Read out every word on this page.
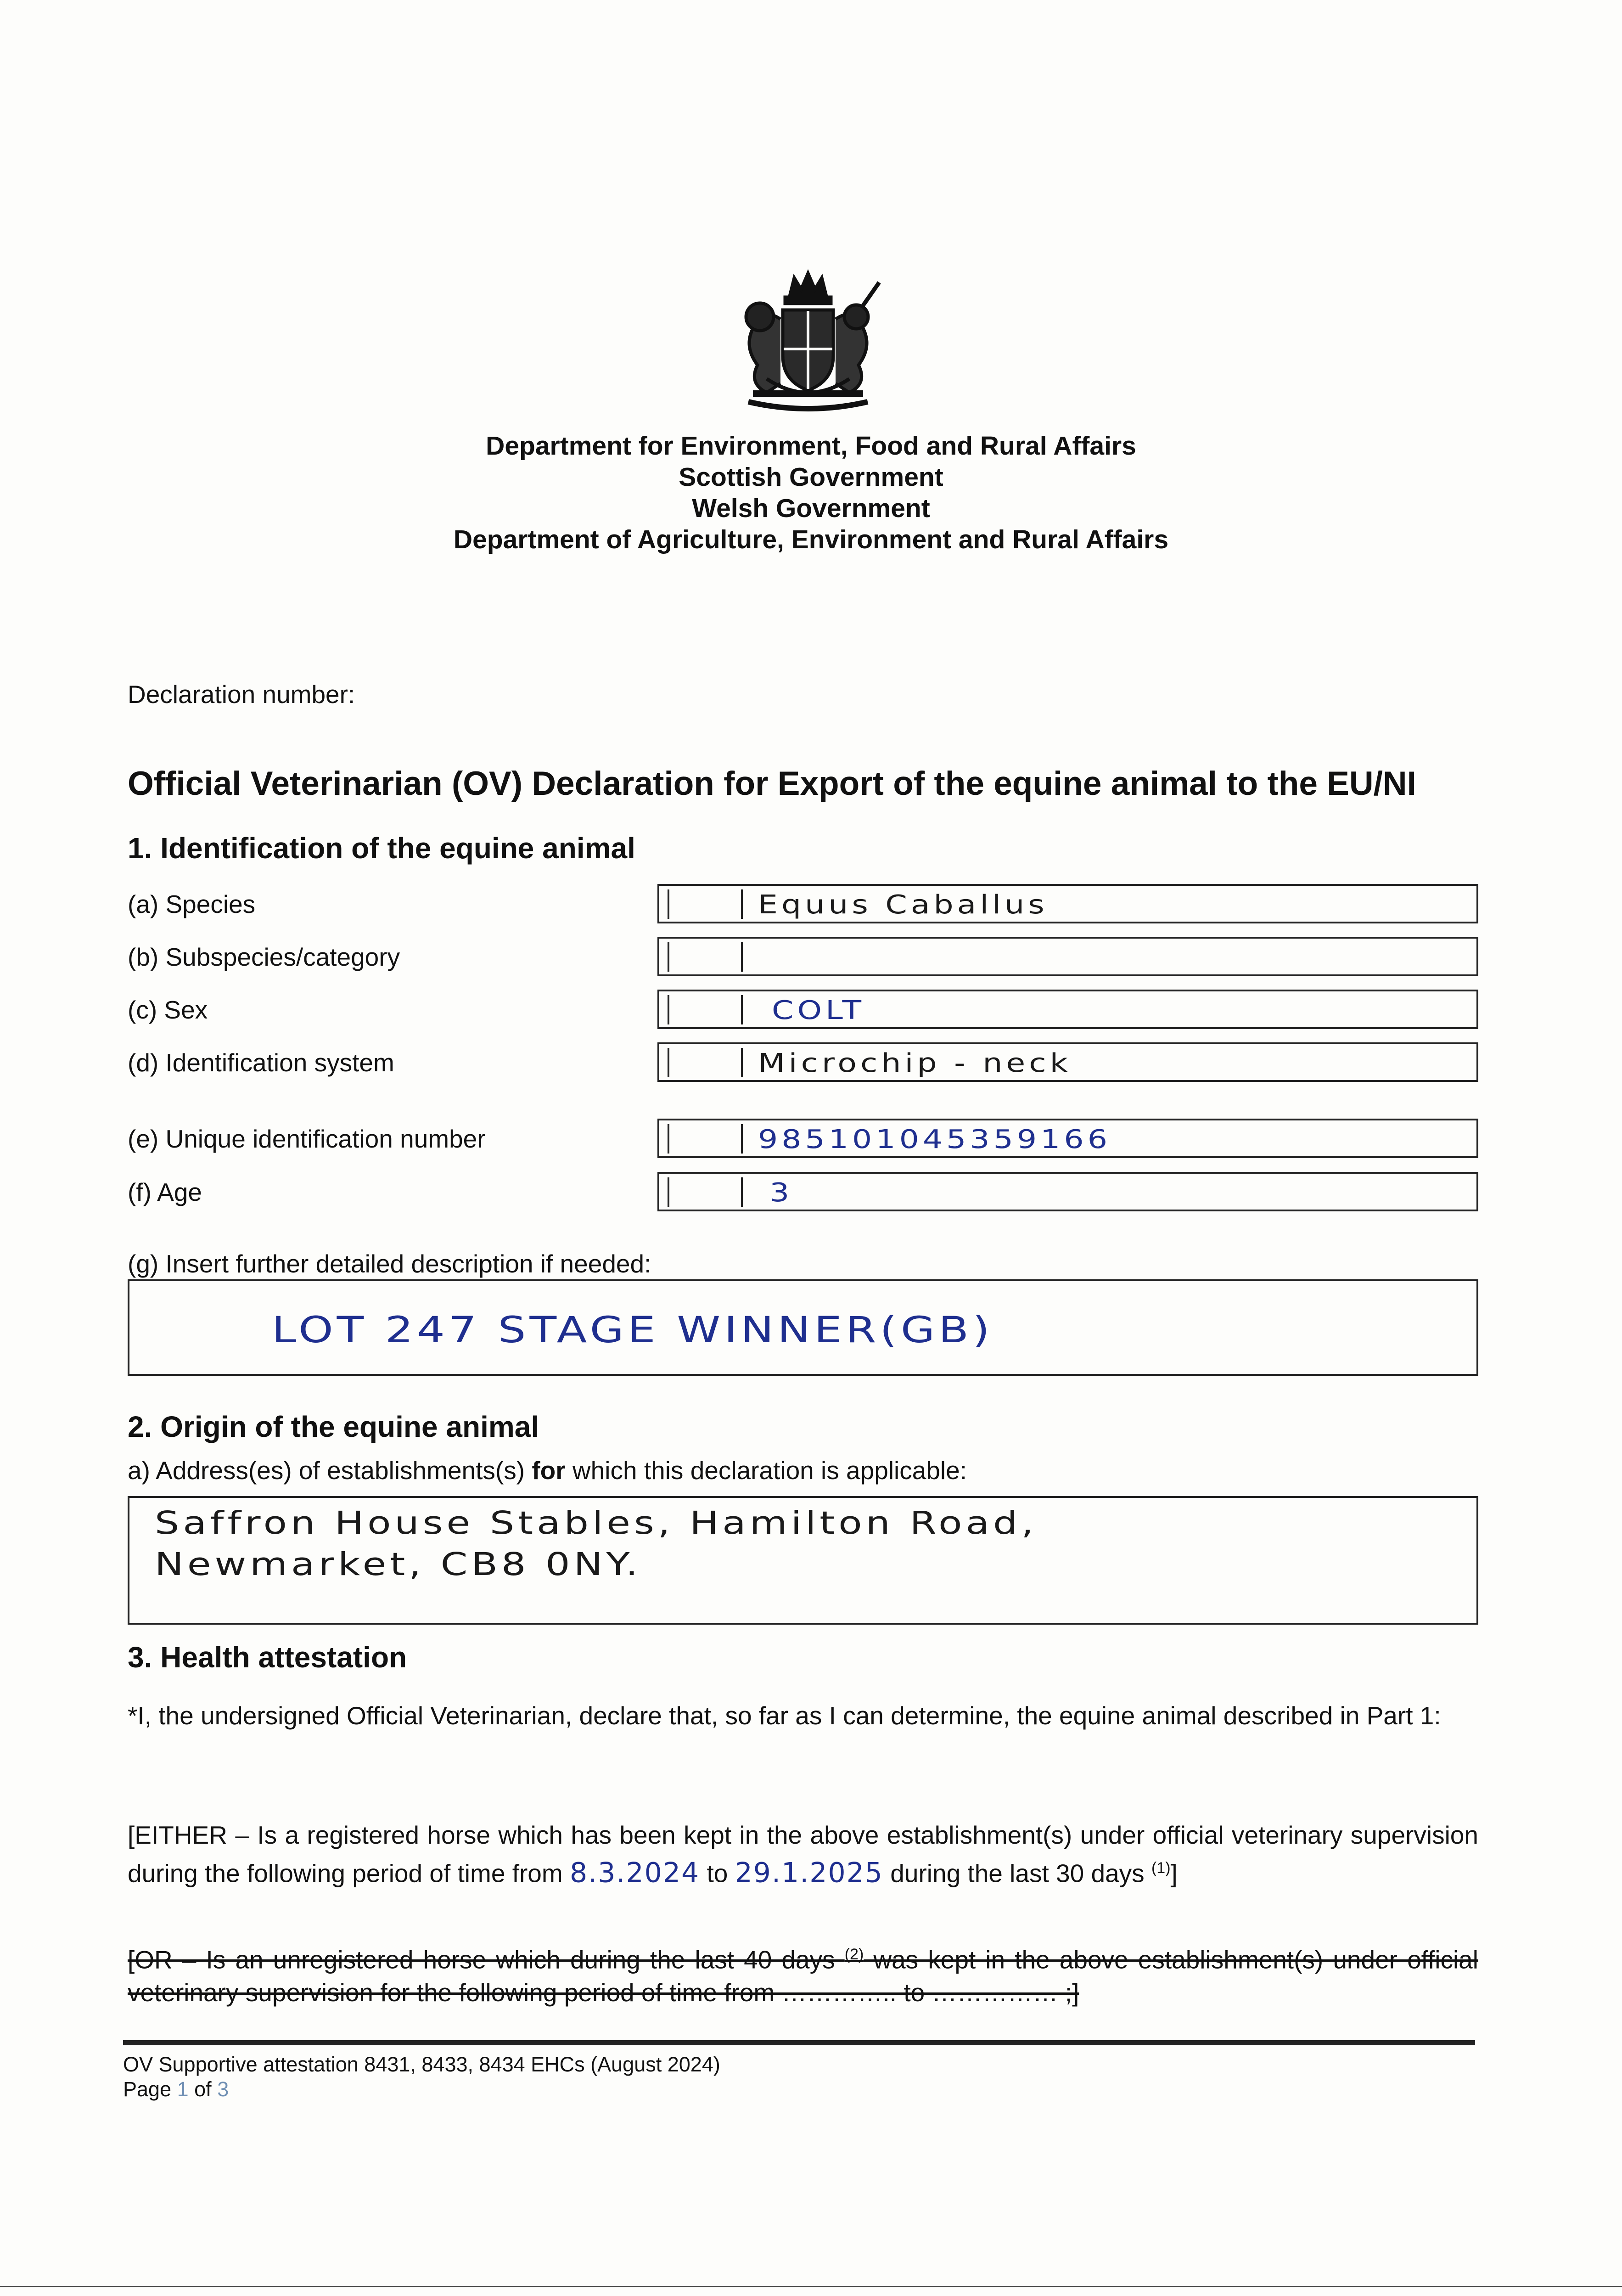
Department for Environment, Food and Rural Affairs
Scottish Government
Welsh Government
Department of Agriculture, Environment and Rural Affairs
Declaration number:
Official Veterinarian (OV) Declaration for Export of the equine animal to the EU/NI
1. Identification of the equine animal
(a) Species	Equus Caballus
(b) Subspecies/category
(c) Sex	COLT
(d) Identification system	Microchip - neck
(e) Unique identification number	985101045359166
(f) Age	3
(g) Insert further detailed description if needed:
LOT 247 STAGE WINNER(GB)
2. Origin of the equine animal
a) Address(es) of establishments(s) for which this declaration is applicable:
Saffron House Stables, Hamilton Road,
Newmarket, CB8 0NY.
3. Health attestation
*I, the undersigned Official Veterinarian, declare that, so far as I can determine, the equine animal described in Part 1:
[EITHER – Is a registered horse which has been kept in the above establishment(s) under official veterinary supervision during the following period of time from 8.3.2024 to 29.1.2025 during the last 30 days $^{(1)}$]
[OR – Is an unregistered horse which during the last 40 days $^{(2)}$ was kept in the above establishment(s) under official veterinary supervision for the following period of time from ………….. to …………… ;]
OV Supportive attestation 8431, 8433, 8434 EHCs (August 2024)
Page 1 of 3
